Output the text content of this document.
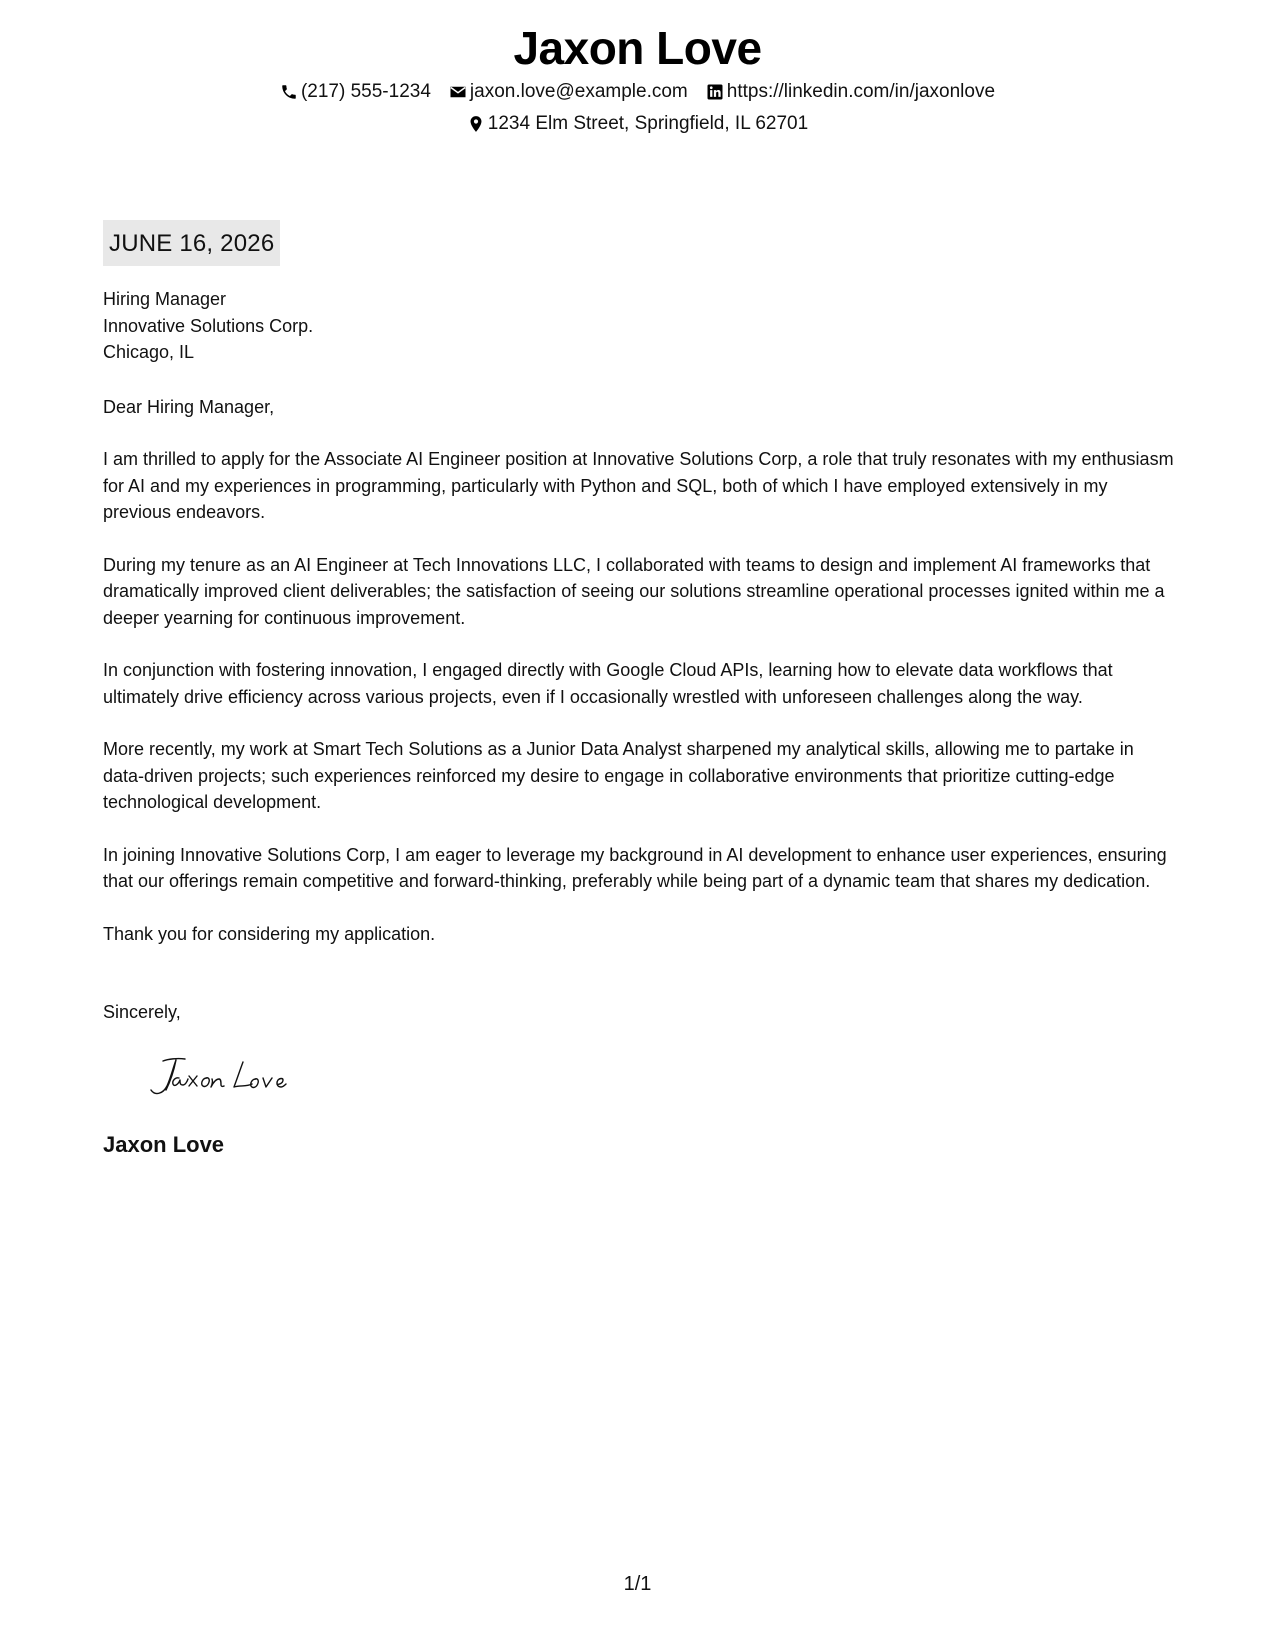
Jaxon Love
(217) 555-1234 jaxon.love@example.com https://linkedin.com/in/jaxonlove
1234 Elm Street, Springfield, IL 62701
JUNE 16, 2026
Hiring Manager
Innovative Solutions Corp.
Chicago, IL
Dear Hiring Manager,
I am thrilled to apply for the Associate AI Engineer position at Innovative Solutions Corp, a role that truly resonates with my enthusiasm for AI and my experiences in programming, particularly with Python and SQL, both of which I have employed extensively in my previous endeavors.
During my tenure as an AI Engineer at Tech Innovations LLC, I collaborated with teams to design and implement AI frameworks that dramatically improved client deliverables; the satisfaction of seeing our solutions streamline operational processes ignited within me a deeper yearning for continuous improvement.
In conjunction with fostering innovation, I engaged directly with Google Cloud APIs, learning how to elevate data workflows that ultimately drive efficiency across various projects, even if I occasionally wrestled with unforeseen challenges along the way.
More recently, my work at Smart Tech Solutions as a Junior Data Analyst sharpened my analytical skills, allowing me to partake in data-driven projects; such experiences reinforced my desire to engage in collaborative environments that prioritize cutting-edge technological development.
In joining Innovative Solutions Corp, I am eager to leverage my background in AI development to enhance user experiences, ensuring that our offerings remain competitive and forward-thinking, preferably while being part of a dynamic team that shares my dedication.
Thank you for considering my application.
Sincerely,
Jaxon Love
1/1
